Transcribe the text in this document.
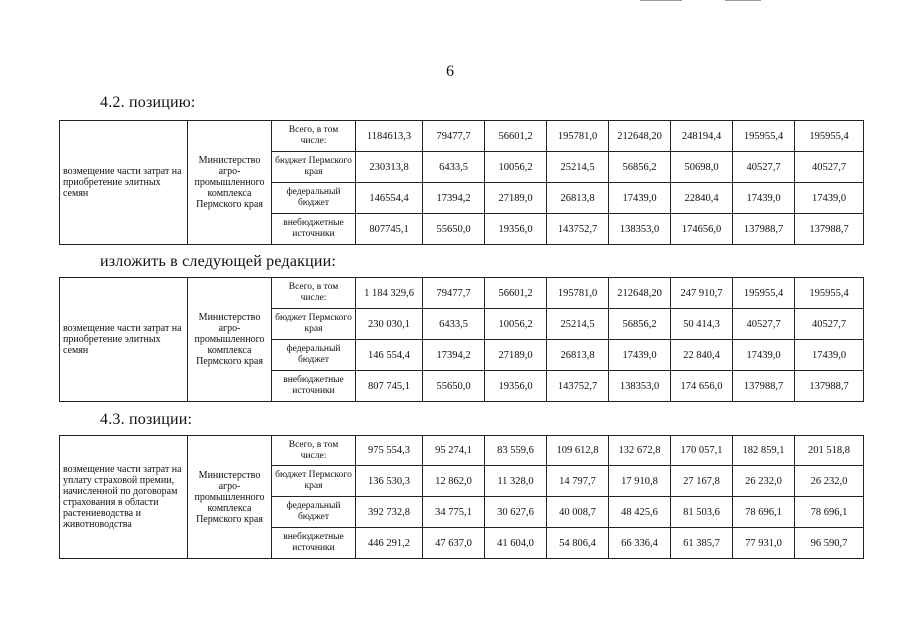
6
4.2. позицию:
изложить в следующей редакции:
4.3. позиции:
возмещение части затрат на приобретение элитных семян	Министерство агро-промышленного комплекса Пермского края	Всего, в том числе:	1184613,3	79477,7	56601,2	195781,0	212648,20	248194,4	195955,4	195955,4
		бюджет Пермского края	230313,8	6433,5	10056,2	25214,5	56856,2	50698,0	40527,7	40527,7
		федеральный бюджет	146554,4	17394,2	27189,0	26813,8	17439,0	22840,4	17439,0	17439,0
		внебюджетные источники	807745,1	55650,0	19356,0	143752,7	138353,0	174656,0	137988,7	137988,7
возмещение части затрат на приобретение элитных семян	Министерство агро-промышленного комплекса Пермского края	Всего, в том числе:	1 184 329,6	79477,7	56601,2	195781,0	212648,20	247 910,7	195955,4	195955,4
		бюджет Пермского края	230 030,1	6433,5	10056,2	25214,5	56856,2	50 414,3	40527,7	40527,7
		федеральный бюджет	146 554,4	17394,2	27189,0	26813,8	17439,0	22 840,4	17439,0	17439,0
		внебюджетные источники	807 745,1	55650,0	19356,0	143752,7	138353,0	174 656,0	137988,7	137988,7
возмещение части затрат на уплату страховой премии, начисленной по договорам страхования в области растениеводства и животноводства	Министерство агро-промышленного комплекса Пермского края	Всего, в том числе:	975 554,3	95 274,1	83 559,6	109 612,8	132 672,8	170 057,1	182 859,1	201 518,8
		бюджет Пермского края	136 530,3	12 862,0	11 328,0	14 797,7	17 910,8	27 167,8	26 232,0	26 232,0
		федеральный бюджет	392 732,8	34 775,1	30 627,6	40 008,7	48 425,6	81 503,6	78 696,1	78 696,1
		внебюджетные источники	446 291,2	47 637,0	41 604,0	54 806,4	66 336,4	61 385,7	77 931,0	96 590,7
